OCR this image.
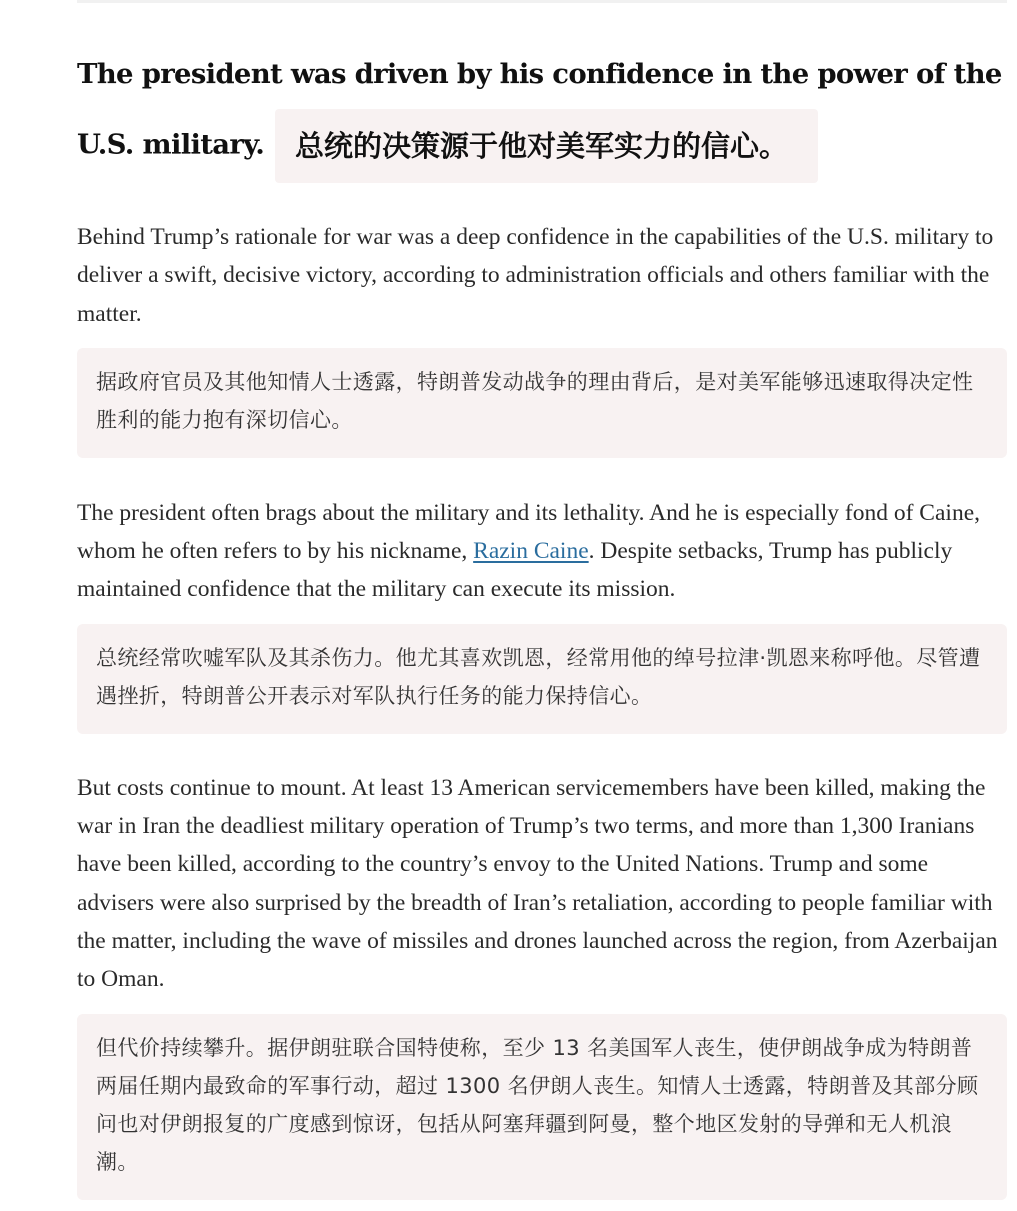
The president was driven by his confidence in the power of the U.S. military. 总统的决策源于他对美军实力的信心。

Behind Trump’s rationale for war was a deep confidence in the capabilities of the U.S. military to deliver a swift, decisive victory, according to administration officials and others familiar with the matter.

据政府官员及其他知情人士透露，特朗普发动战争的理由背后，是对美军能够迅速取得决定性胜利的能力抱有深切信心。

The president often brags about the military and its lethality. And he is especially fond of Caine, whom he often refers to by his nickname, Razin Caine. Despite setbacks, Trump has publicly maintained confidence that the military can execute its mission.

总统经常吹嘘军队及其杀伤力。他尤其喜欢凯恩，经常用他的绰号拉津·凯恩来称呼他。尽管遭遇挫折，特朗普公开表示对军队执行任务的能力保持信心。

But costs continue to mount. At least 13 American servicemembers have been killed, making the war in Iran the deadliest military operation of Trump’s two terms, and more than 1,300 Iranians have been killed, according to the country’s envoy to the United Nations. Trump and some advisers were also surprised by the breadth of Iran’s retaliation, according to people familiar with the matter, including the wave of missiles and drones launched across the region, from Azerbaijan to Oman.

但代价持续攀升。据伊朗驻联合国特使称，至少 13 名美国军人丧生，使伊朗战争成为特朗普两届任期内最致命的军事行动，超过 1300 名伊朗人丧生。知情人士透露，特朗普及其部分顾问也对伊朗报复的广度感到惊讶，包括从阿塞拜疆到阿曼，整个地区发射的导弹和无人机浪潮。
